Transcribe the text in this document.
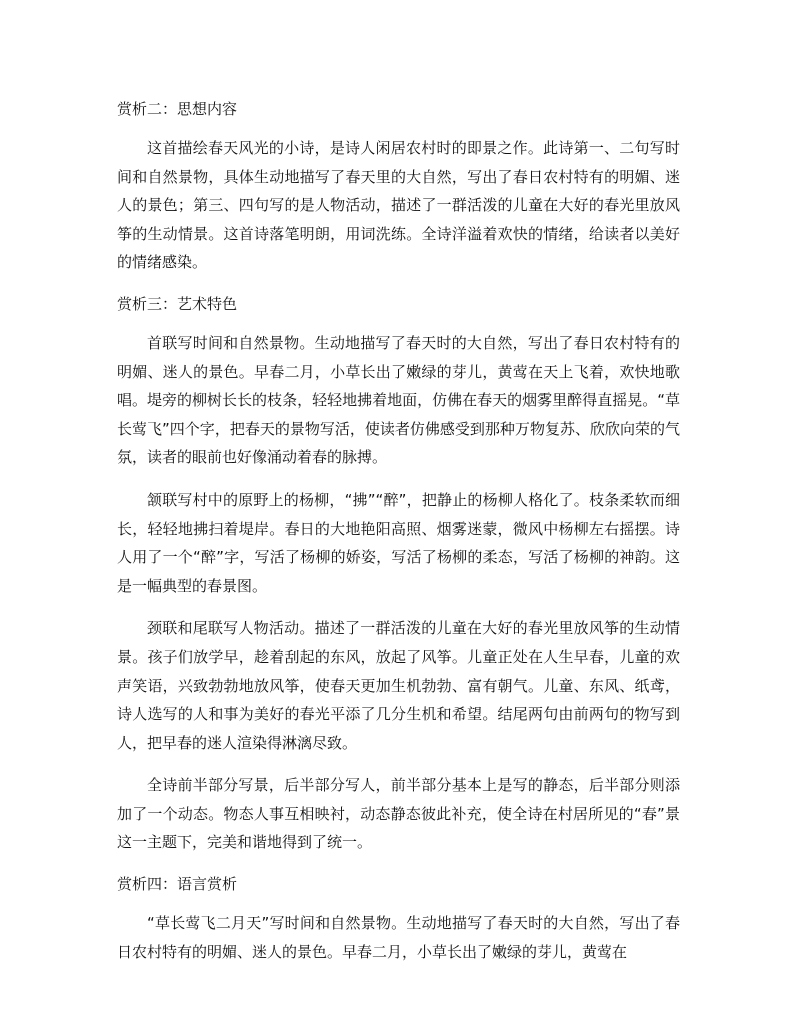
赏析二：思想内容

这首描绘春天风光的小诗，是诗人闲居农村时的即景之作。此诗第一、二句写时间和自然景物，具体生动地描写了春天里的大自然，写出了春日农村特有的明媚、迷人的景色；第三、四句写的是人物活动，描述了一群活泼的儿童在大好的春光里放风筝的生动情景。这首诗落笔明朗，用词洗练。全诗洋溢着欢快的情绪，给读者以美好的情绪感染。

赏析三：艺术特色

首联写时间和自然景物。生动地描写了春天时的大自然，写出了春日农村特有的明媚、迷人的景色。早春二月，小草长出了嫩绿的芽儿，黄莺在天上飞着，欢快地歌唱。堤旁的柳树长长的枝条，轻轻地拂着地面，仿佛在春天的烟雾里醉得直摇晃。“草长莺飞”四个字，把春天的景物写活，使读者仿佛感受到那种万物复苏、欣欣向荣的气氛，读者的眼前也好像涌动着春的脉搏。

颔联写村中的原野上的杨柳，“拂”“醉”，把静止的杨柳人格化了。枝条柔软而细长，轻轻地拂扫着堤岸。春日的大地艳阳高照、烟雾迷蒙，微风中杨柳左右摇摆。诗人用了一个“醉”字，写活了杨柳的娇姿，写活了杨柳的柔态，写活了杨柳的神韵。这是一幅典型的春景图。

颈联和尾联写人物活动。描述了一群活泼的儿童在大好的春光里放风筝的生动情景。孩子们放学早，趁着刮起的东风，放起了风筝。儿童正处在人生早春，儿童的欢声笑语，兴致勃勃地放风筝，使春天更加生机勃勃、富有朝气。儿童、东风、纸鸢，诗人选写的人和事为美好的春光平添了几分生机和希望。结尾两句由前两句的物写到人，把早春的迷人渲染得淋漓尽致。

全诗前半部分写景，后半部分写人，前半部分基本上是写的静态，后半部分则添加了一个动态。物态人事互相映衬，动态静态彼此补充，使全诗在村居所见的“春”景这一主题下，完美和谐地得到了统一。

赏析四：语言赏析

“草长莺飞二月天”写时间和自然景物。生动地描写了春天时的大自然，写出了春日农村特有的明媚、迷人的景色。早春二月，小草长出了嫩绿的芽儿，黄莺在
